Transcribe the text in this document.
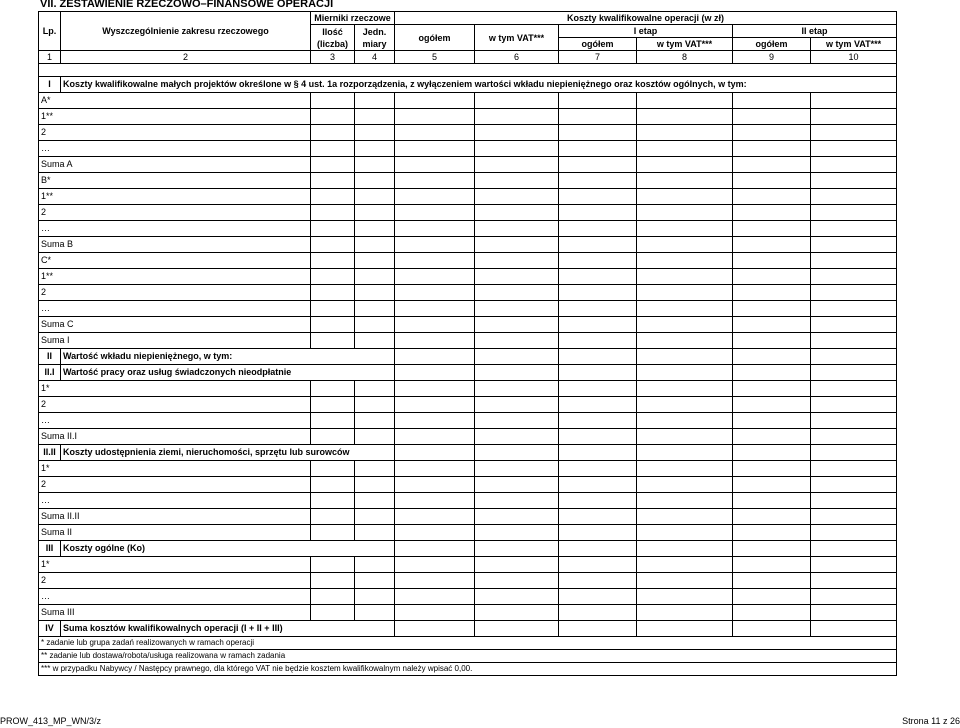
VII. ZESTAWIENIE RZECZOWO–FINANSOWE OPERACJI
Lp.	Wyszczególnienie zakresu rzeczowego	Mierniki rzeczowe		Koszty kwalifikowalne operacji (w zł)					
		Ilość (liczba)	Jedn. miary	ogółem	w tym VAT***	I etap		II etap	
						ogółem	w tym VAT***	ogółem	w tym VAT***
1	2	3	4	5	6	7	8	9	10

I	Koszty kwalifikowalne małych projektów określone w § 4 ust. 1a rozporządzenia, z wyłączeniem wartości wkładu niepieniężnego oraz kosztów ogólnych, w tym:								
A*									
1**									
2									
…									
Suma A									
B*									
1**									
2									
…									
Suma B									
C*									
1**									
2									
…									
Suma C									
Suma I									
II	Wartość wkładu niepieniężnego, w tym:								
II.I	Wartość pracy oraz usług świadczonych nieodpłatnie								
1*									
2									
…									
Suma II.I									
II.II	Koszty udostępnienia ziemi, nieruchomości, sprzętu lub surowców								
1*									
2									
…									
Suma II.II									
Suma II									
III	Koszty ogólne (Ko)								
1*									
2									
…									
Suma III									
IV	Suma kosztów kwalifikowalnych operacji (I + II + III)								
* zadanie lub grupa zadań realizowanych w ramach operacji									
** zadanie lub dostawa/robota/usługa realizowana w ramach zadania									
*** w przypadku Nabywcy / Następcy prawnego, dla którego VAT nie będzie kosztem kwalifikowalnym należy wpisać 0,00.									
PROW_413_MP_WN/3/z	Strona 11 z 26
